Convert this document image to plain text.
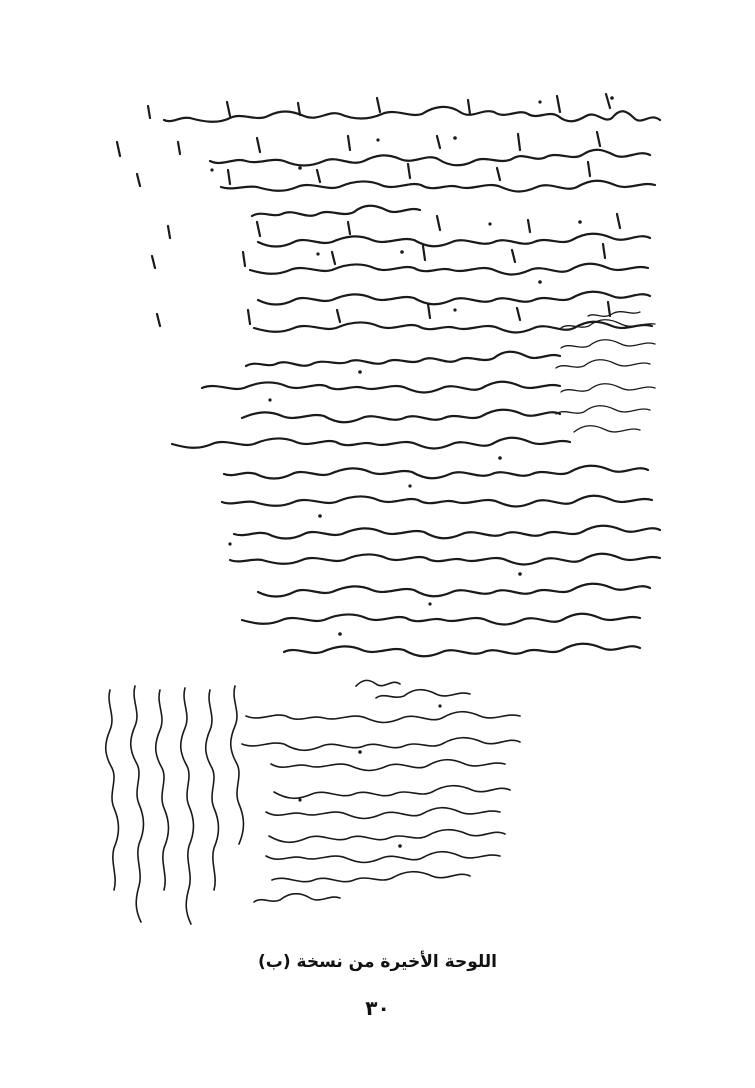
اللوحة الأخيرة من نسخة (ب)
٣٠
